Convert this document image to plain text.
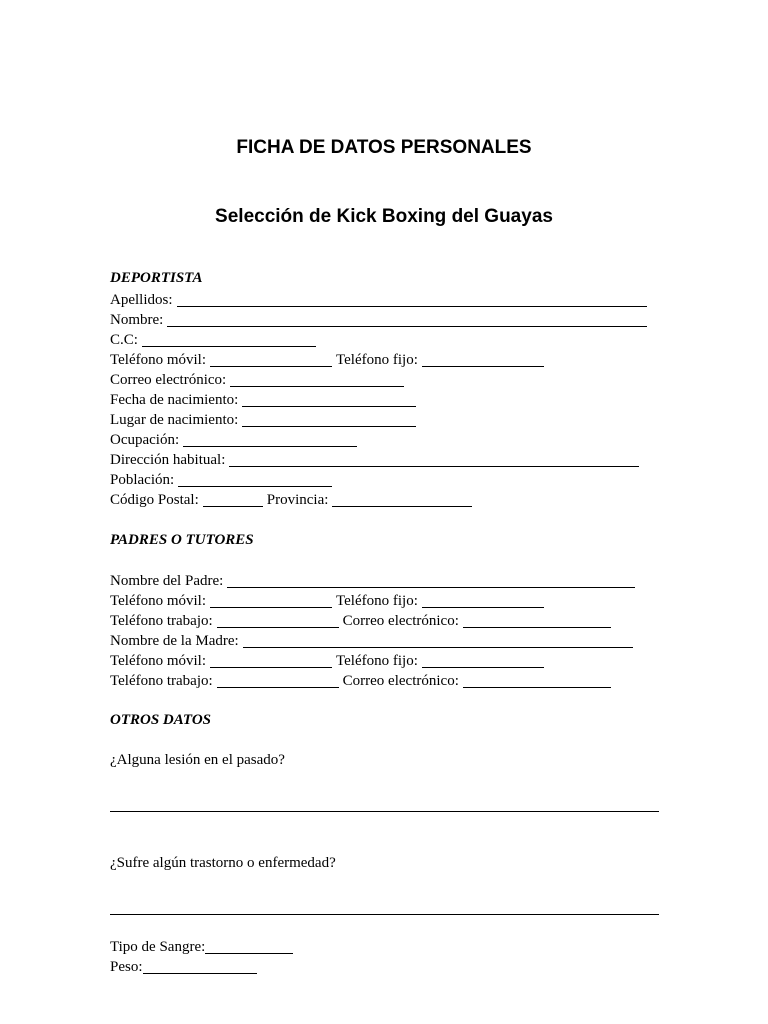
FICHA DE DATOS PERSONALES
Selección de Kick Boxing del Guayas
DEPORTISTA
Apellidos:
Nombre:
C.C:
Teléfono móvil:	Teléfono fijo:
Correo electrónico:
Fecha de nacimiento:
Lugar de nacimiento:
Ocupación:
Dirección habitual:
Población:
Código Postal:	Provincia:
PADRES O TUTORES
Nombre del Padre:
Teléfono móvil:	Teléfono fijo:
Teléfono trabajo:	Correo electrónico:
Nombre de la Madre:
Teléfono móvil:	Teléfono fijo:
Teléfono trabajo:	Correo electrónico:
OTROS DATOS
¿Alguna lesión en el pasado?
¿Sufre algún trastorno o enfermedad?
Tipo de Sangre:
Peso:
